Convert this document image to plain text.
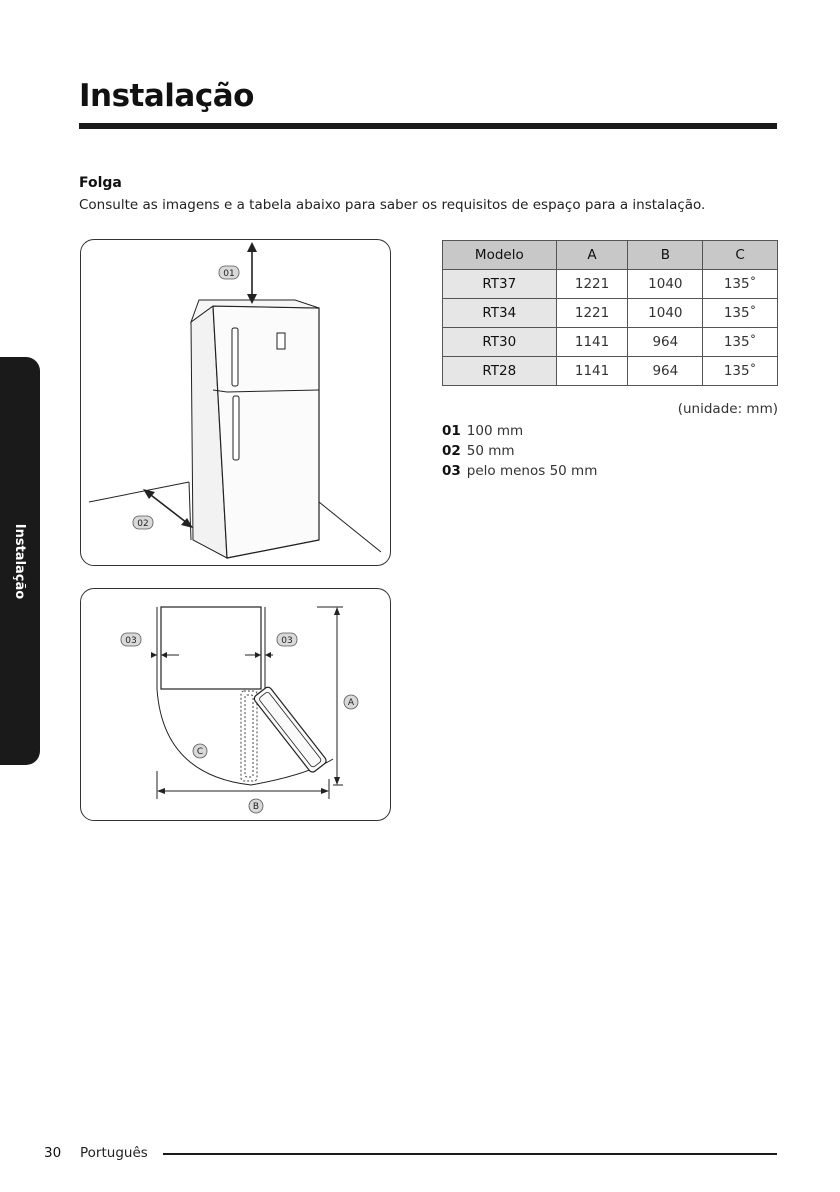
Instalação
Instalação
Folga
Consulte as imagens e a tabela abaixo para saber os requisitos de espaço para a instalação.
01
02
03	03
A
B
C
Modelo	A	B	C
RT37	1221	1040	135˚
RT34	1221	1040	135˚
RT30	1141	964	135˚
RT28	1141	964	135˚
(unidade: mm)
01 100 mm
02 50 mm
03 pelo menos 50 mm
30 Português
